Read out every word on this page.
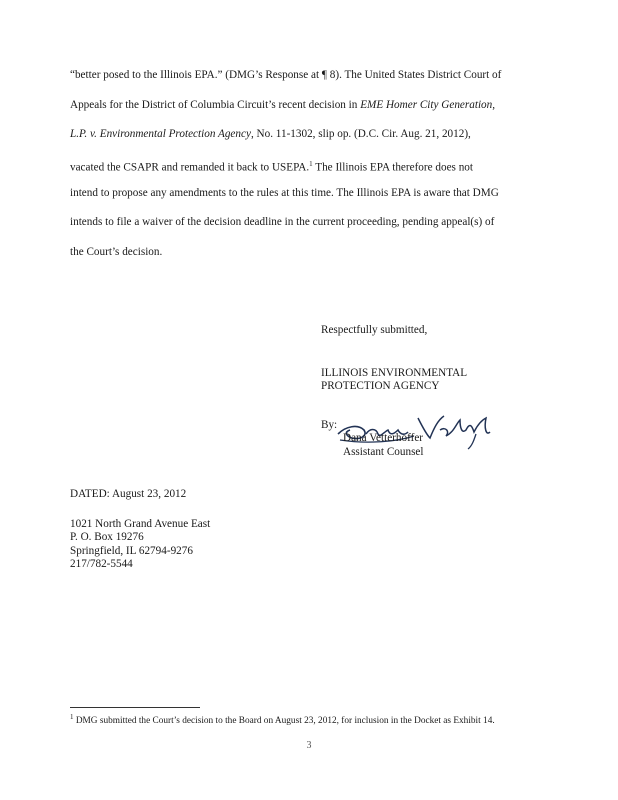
“better posed to the Illinois EPA.” (DMG’s Response at ¶ 8). The United States District Court of
Appeals for the District of Columbia Circuit’s recent decision in EME Homer City Generation,
L.P. v. Environmental Protection Agency, No. 11-1302, slip op. (D.C. Cir. Aug. 21, 2012),
vacated the CSAPR and remanded it back to USEPA.$^1$ The Illinois EPA therefore does not
intend to propose any amendments to the rules at this time. The Illinois EPA is aware that DMG
intends to file a waiver of the decision deadline in the current proceeding, pending appeal(s) of
the Court’s decision.
Respectfully submitted,
ILLINOIS ENVIRONMENTAL
PROTECTION AGENCY
By:
Dana Vetterhoffer
Assistant Counsel
DATED: August 23, 2012
1021 North Grand Avenue East
P. O. Box 19276
Springfield, IL 62794-9276
217/782-5544
$^1$ DMG submitted the Court’s decision to the Board on August 23, 2012, for inclusion in the Docket as Exhibit 14.
3
